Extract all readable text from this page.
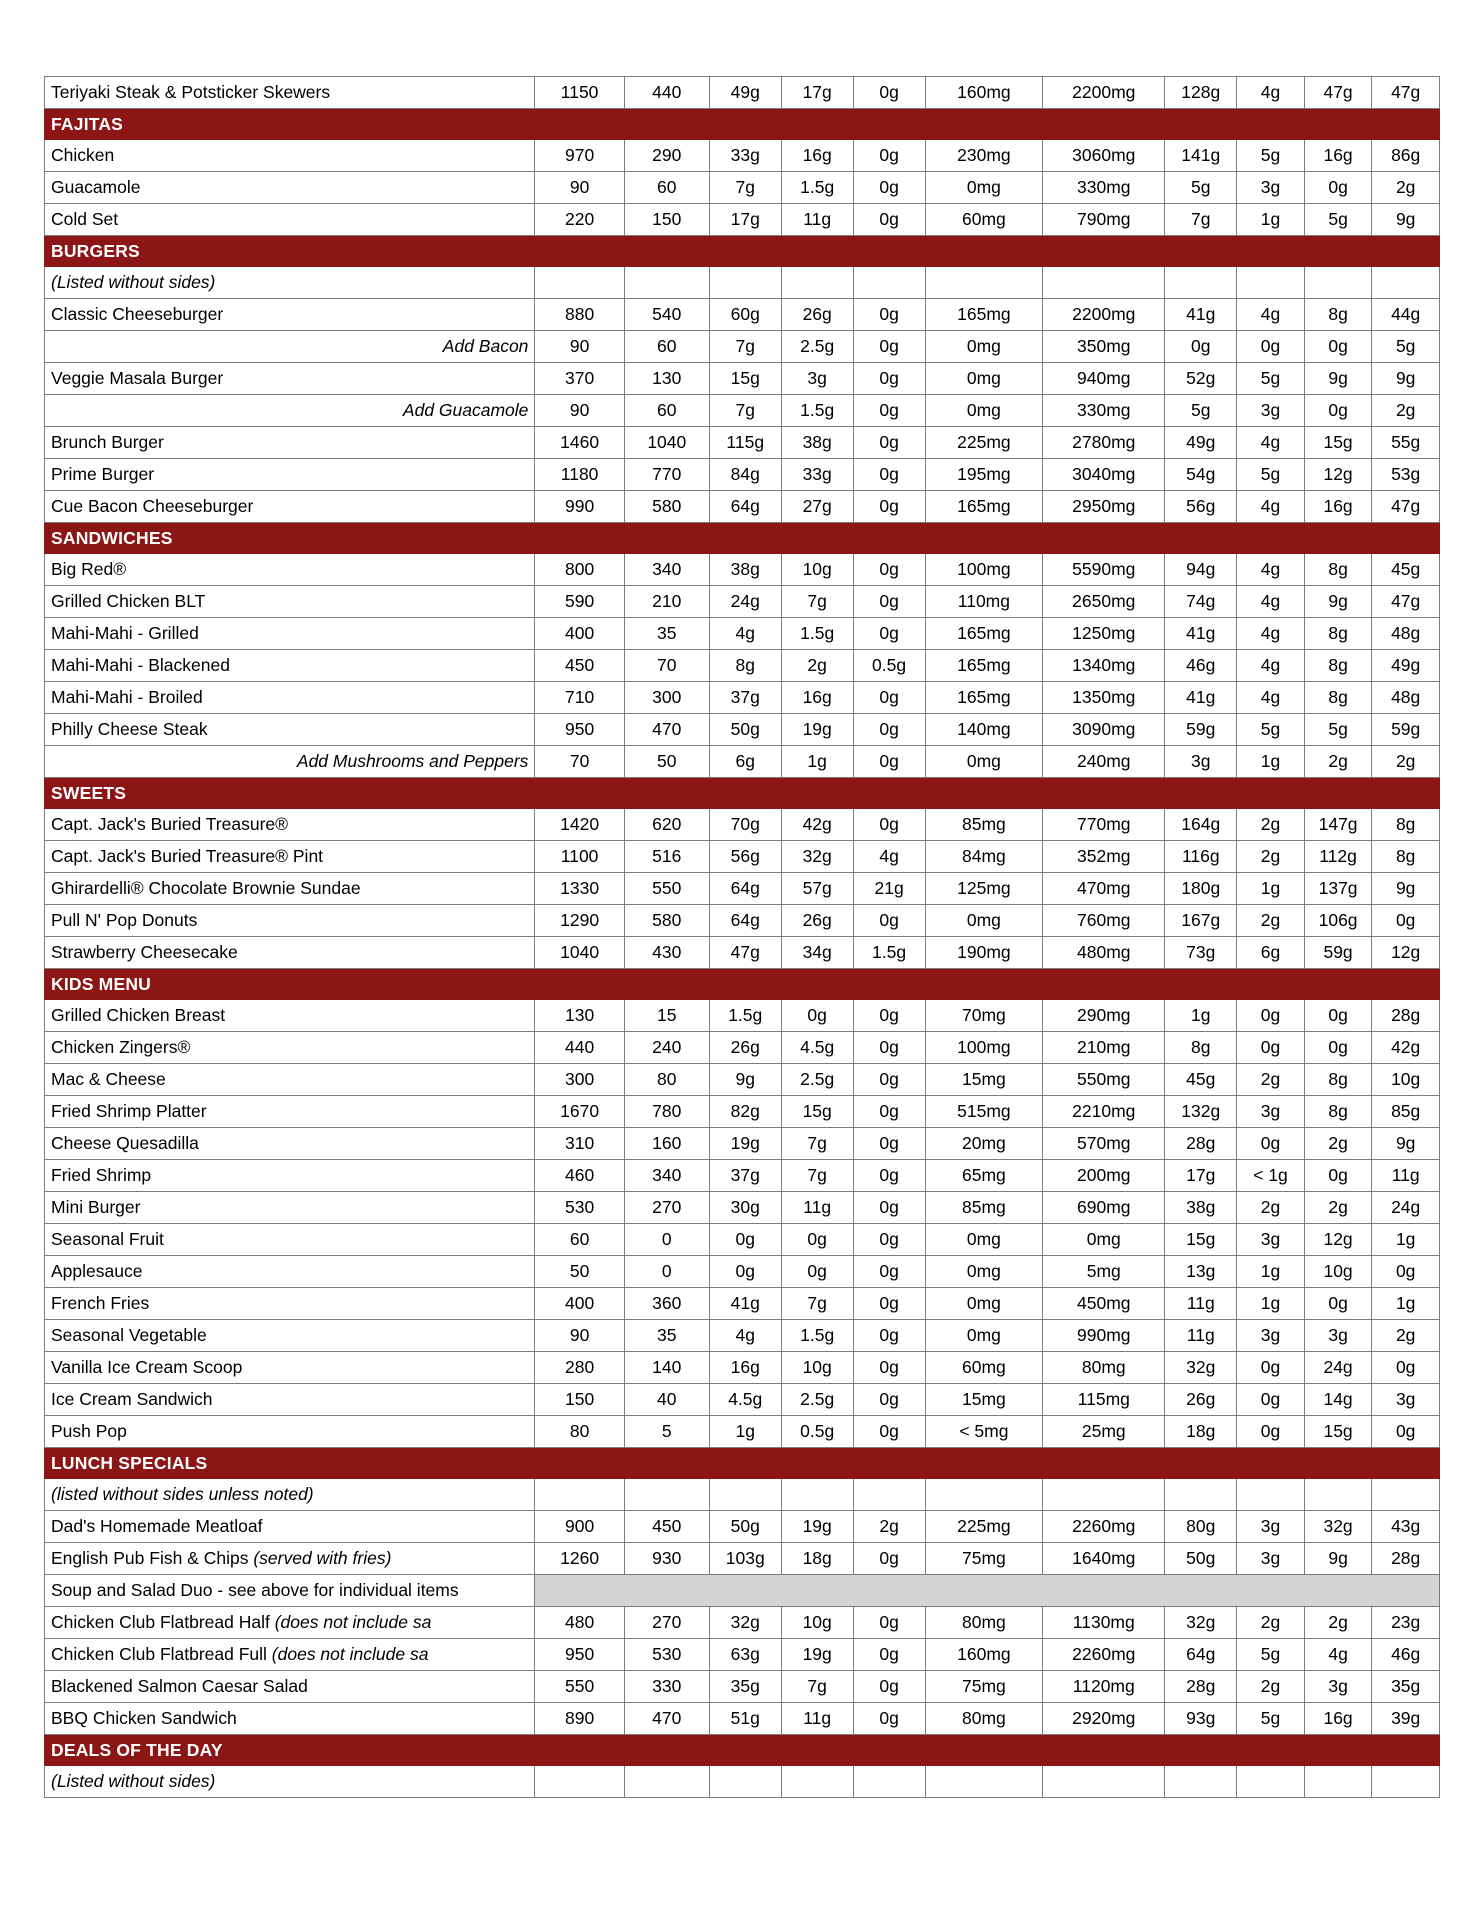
Teriyaki Steak & Potsticker Skewers	1150	440	49g	17g	0g	160mg	2200mg	128g	4g	47g	47g
FAJITAS											
Chicken	970	290	33g	16g	0g	230mg	3060mg	141g	5g	16g	86g
Guacamole	90	60	7g	1.5g	0g	0mg	330mg	5g	3g	0g	2g
Cold Set	220	150	17g	11g	0g	60mg	790mg	7g	1g	5g	9g
BURGERS											
(Listed without sides)											
Classic Cheeseburger	880	540	60g	26g	0g	165mg	2200mg	41g	4g	8g	44g
Add Bacon	90	60	7g	2.5g	0g	0mg	350mg	0g	0g	0g	5g
Veggie Masala Burger	370	130	15g	3g	0g	0mg	940mg	52g	5g	9g	9g
Add Guacamole	90	60	7g	1.5g	0g	0mg	330mg	5g	3g	0g	2g
Brunch Burger	1460	1040	115g	38g	0g	225mg	2780mg	49g	4g	15g	55g
Prime Burger	1180	770	84g	33g	0g	195mg	3040mg	54g	5g	12g	53g
Cue Bacon Cheeseburger	990	580	64g	27g	0g	165mg	2950mg	56g	4g	16g	47g
SANDWICHES											
Big Red®	800	340	38g	10g	0g	100mg	5590mg	94g	4g	8g	45g
Grilled Chicken BLT	590	210	24g	7g	0g	110mg	2650mg	74g	4g	9g	47g
Mahi-Mahi - Grilled	400	35	4g	1.5g	0g	165mg	1250mg	41g	4g	8g	48g
Mahi-Mahi - Blackened	450	70	8g	2g	0.5g	165mg	1340mg	46g	4g	8g	49g
Mahi-Mahi - Broiled	710	300	37g	16g	0g	165mg	1350mg	41g	4g	8g	48g
Philly Cheese Steak	950	470	50g	19g	0g	140mg	3090mg	59g	5g	5g	59g
Add Mushrooms and Peppers	70	50	6g	1g	0g	0mg	240mg	3g	1g	2g	2g
SWEETS											
Capt. Jack's Buried Treasure®	1420	620	70g	42g	0g	85mg	770mg	164g	2g	147g	8g
Capt. Jack's Buried Treasure® Pint	1100	516	56g	32g	4g	84mg	352mg	116g	2g	112g	8g
Ghirardelli® Chocolate Brownie Sundae	1330	550	64g	57g	21g	125mg	470mg	180g	1g	137g	9g
Pull N' Pop Donuts	1290	580	64g	26g	0g	0mg	760mg	167g	2g	106g	0g
Strawberry Cheesecake	1040	430	47g	34g	1.5g	190mg	480mg	73g	6g	59g	12g
KIDS MENU											
Grilled Chicken Breast	130	15	1.5g	0g	0g	70mg	290mg	1g	0g	0g	28g
Chicken Zingers®	440	240	26g	4.5g	0g	100mg	210mg	8g	0g	0g	42g
Mac & Cheese	300	80	9g	2.5g	0g	15mg	550mg	45g	2g	8g	10g
Fried Shrimp Platter	1670	780	82g	15g	0g	515mg	2210mg	132g	3g	8g	85g
Cheese Quesadilla	310	160	19g	7g	0g	20mg	570mg	28g	0g	2g	9g
Fried Shrimp	460	340	37g	7g	0g	65mg	200mg	17g	< 1g	0g	11g
Mini Burger	530	270	30g	11g	0g	85mg	690mg	38g	2g	2g	24g
Seasonal Fruit	60	0	0g	0g	0g	0mg	0mg	15g	3g	12g	1g
Applesauce	50	0	0g	0g	0g	0mg	5mg	13g	1g	10g	0g
French Fries	400	360	41g	7g	0g	0mg	450mg	11g	1g	0g	1g
Seasonal Vegetable	90	35	4g	1.5g	0g	0mg	990mg	11g	3g	3g	2g
Vanilla Ice Cream Scoop	280	140	16g	10g	0g	60mg	80mg	32g	0g	24g	0g
Ice Cream Sandwich	150	40	4.5g	2.5g	0g	15mg	115mg	26g	0g	14g	3g
Push Pop	80	5	1g	0.5g	0g	< 5mg	25mg	18g	0g	15g	0g
LUNCH SPECIALS											
(listed without sides unless noted)											
Dad's Homemade Meatloaf	900	450	50g	19g	2g	225mg	2260mg	80g	3g	32g	43g

English Pub Fish & Chips (served with fries)	1260	930	103g	18g	0g	75mg	1640mg	50g	3g	9g	28g
Soup and Salad Duo - see above for individual items											

Chicken Club Flatbread Half (does not include sa	480	270	32g	10g	0g	80mg	1130mg	32g	2g	2g	23g

Chicken Club Flatbread Full (does not include sa	950	530	63g	19g	0g	160mg	2260mg	64g	5g	4g	46g
Blackened Salmon Caesar Salad	550	330	35g	7g	0g	75mg	1120mg	28g	2g	3g	35g
BBQ Chicken Sandwich	890	470	51g	11g	0g	80mg	2920mg	93g	5g	16g	39g
DEALS OF THE DAY											
(Listed without sides)											
